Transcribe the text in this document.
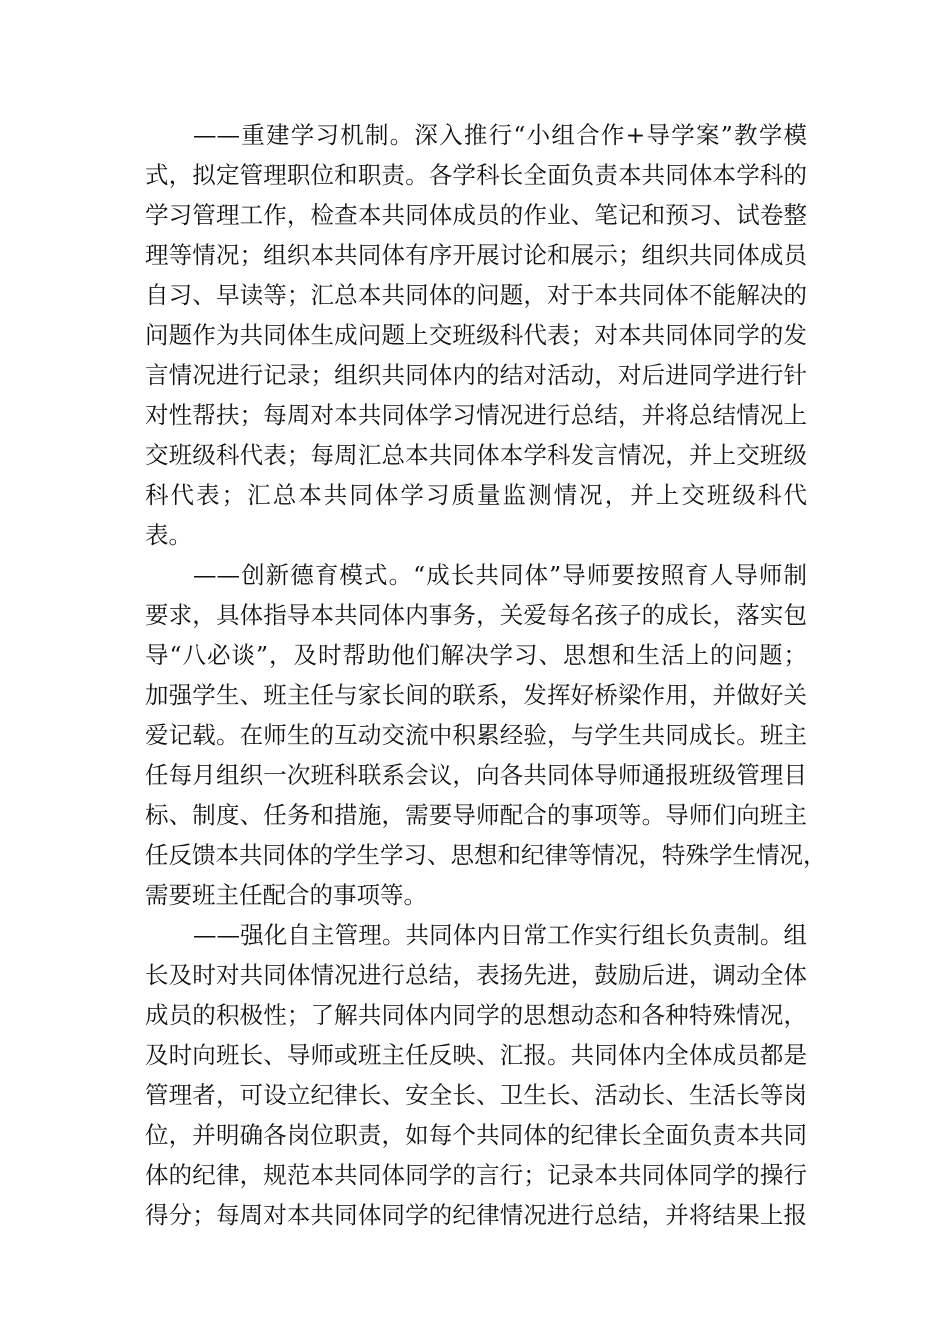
——重建学习机制。深入推行“小组合作+导学案”教学模
式，拟定管理职位和职责。各学科长全面负责本共同体本学科的
学习管理工作，检查本共同体成员的作业、笔记和预习、试卷整
理等情况；组织本共同体有序开展讨论和展示；组织共同体成员
自习、早读等；汇总本共同体的问题，对于本共同体不能解决的
问题作为共同体生成问题上交班级科代表；对本共同体同学的发
言情况进行记录；组织共同体内的结对活动，对后进同学进行针
对性帮扶；每周对本共同体学习情况进行总结，并将总结情况上
交班级科代表；每周汇总本共同体本学科发言情况，并上交班级
科代表；汇总本共同体学习质量监测情况，并上交班级科代
表。
——创新德育模式。“成长共同体”导师要按照育人导师制
要求，具体指导本共同体内事务，关爱每名孩子的成长，落实包
导“八必谈”，及时帮助他们解决学习、思想和生活上的问题；
加强学生、班主任与家长间的联系，发挥好桥梁作用，并做好关
爱记载。在师生的互动交流中积累经验，与学生共同成长。班主
任每月组织一次班科联系会议，向各共同体导师通报班级管理目
标、制度、任务和措施，需要导师配合的事项等。导师们向班主
任反馈本共同体的学生学习、思想和纪律等情况，特殊学生情况，
需要班主任配合的事项等。
——强化自主管理。共同体内日常工作实行组长负责制。组
长及时对共同体情况进行总结，表扬先进，鼓励后进，调动全体
成员的积极性；了解共同体内同学的思想动态和各种特殊情况，
及时向班长、导师或班主任反映、汇报。共同体内全体成员都是
管理者，可设立纪律长、安全长、卫生长、活动长、生活长等岗
位，并明确各岗位职责，如每个共同体的纪律长全面负责本共同
体的纪律，规范本共同体同学的言行；记录本共同体同学的操行
得分；每周对本共同体同学的纪律情况进行总结，并将结果上报
